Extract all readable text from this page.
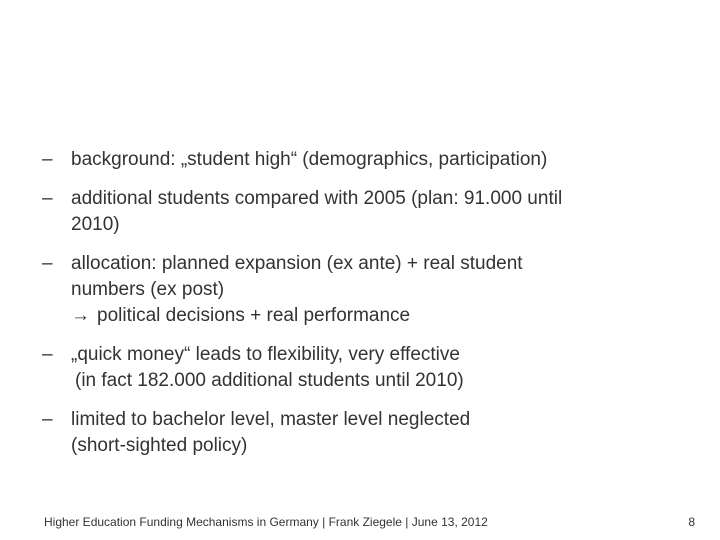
– background: „student high“ (demographics, participation)
– additional students compared with 2005 (plan: 91.000 until
2010)
– allocation: planned expansion (ex ante) + real student
numbers (ex post)
→ political decisions + real performance
– „quick money“ leads to flexibility, very effective
(in fact 182.000 additional students until 2010)
– limited to bachelor level, master level neglected
(short-sighted policy)
Higher Education Funding Mechanisms in Germany | Frank Ziegele | June 13, 2012	8
